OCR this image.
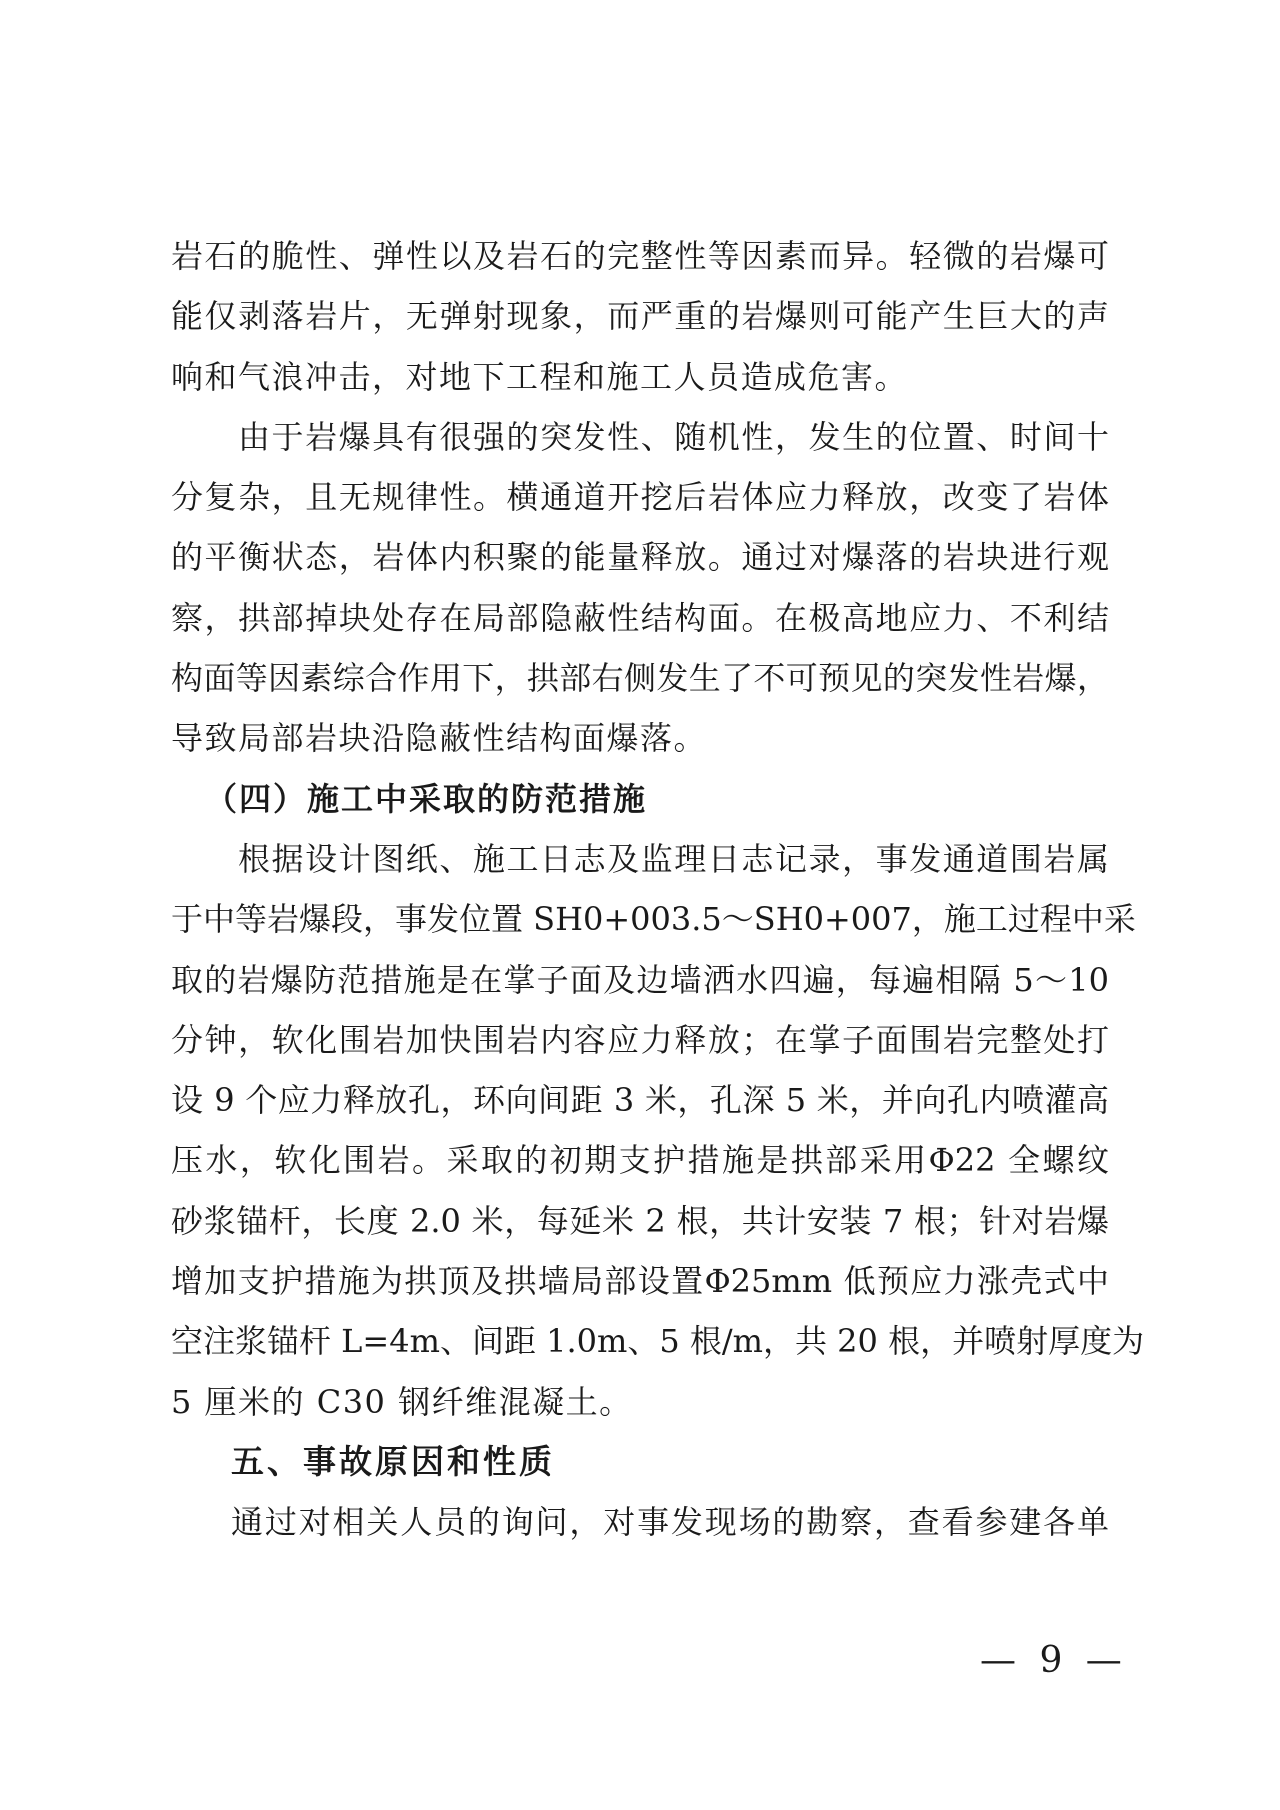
岩石的脆性、弹性以及岩石的完整性等因素而异。轻微的岩爆可
能仅剥落岩片，无弹射现象，而严重的岩爆则可能产生巨大的声
响和气浪冲击，对地下工程和施工人员造成危害。
由于岩爆具有很强的突发性、随机性，发生的位置、时间十
分复杂，且无规律性。横通道开挖后岩体应力释放，改变了岩体
的平衡状态，岩体内积聚的能量释放。通过对爆落的岩块进行观
察，拱部掉块处存在局部隐蔽性结构面。在极高地应力、不利结
构面等因素综合作用下，拱部右侧发生了不可预见的突发性岩爆，
导致局部岩块沿隐蔽性结构面爆落。
（四）施工中采取的防范措施
根据设计图纸、施工日志及监理日志记录，事发通道围岩属
于中等岩爆段，事发位置 SH0+003.5～SH0+007，施工过程中采
取的岩爆防范措施是在掌子面及边墙洒水四遍，每遍相隔 5～10
分钟，软化围岩加快围岩内容应力释放；在掌子面围岩完整处打
设 9 个应力释放孔，环向间距 3 米，孔深 5 米，并向孔内喷灌高
压水，软化围岩。采取的初期支护措施是拱部采用Φ22 全螺纹
砂浆锚杆，长度 2.0 米，每延米 2 根，共计安装 7 根；针对岩爆
增加支护措施为拱顶及拱墙局部设置Φ25mm 低预应力涨壳式中
空注浆锚杆 L=4m、间距 1.0m、5 根/m，共 20 根，并喷射厚度为
5 厘米的 C30 钢纤维混凝土。
五、事故原因和性质
通过对相关人员的询问，对事发现场的勘察，查看参建各单
— 9 —
